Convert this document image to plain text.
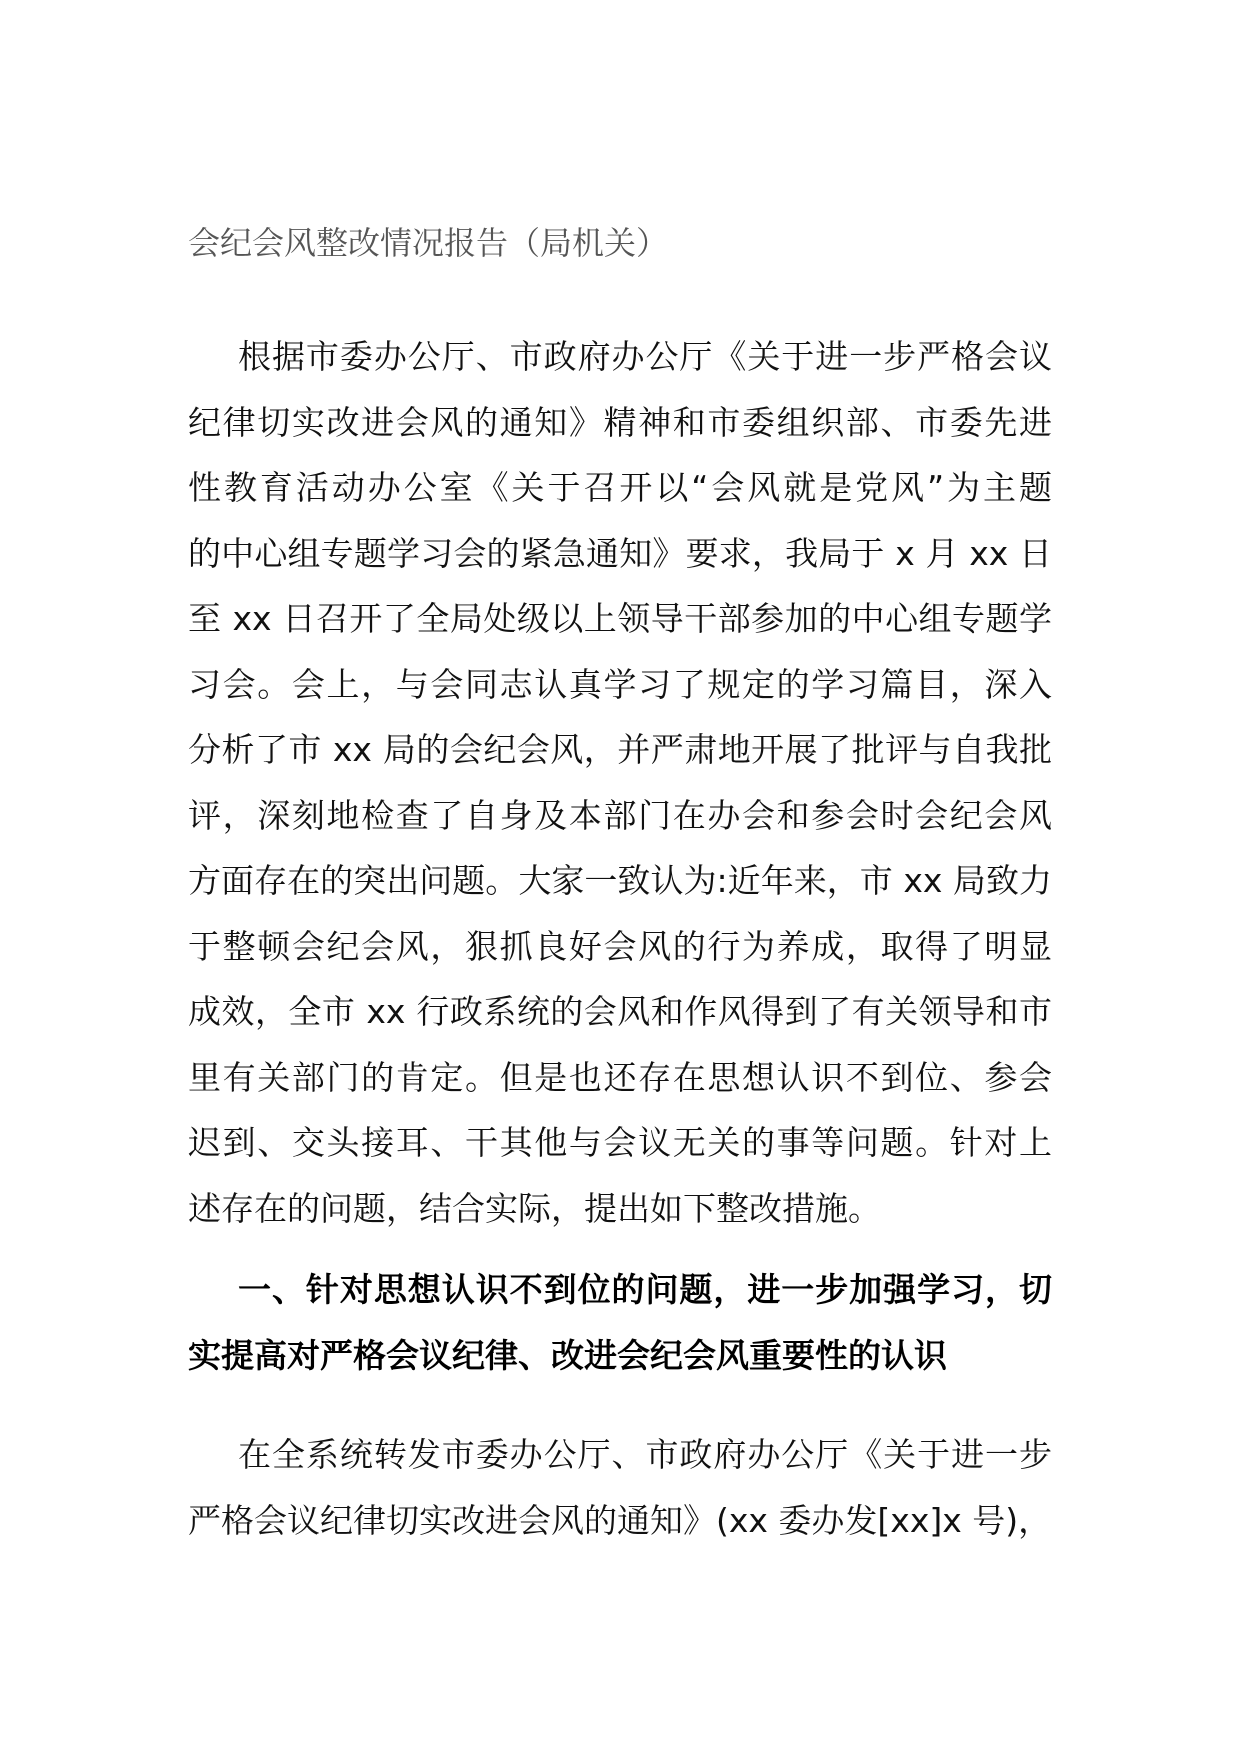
会纪会风整改情况报告（局机关）
根据市委办公厅、市政府办公厅《关于进一步严格会议
纪律切实改进会风的通知》精神和市委组织部、市委先进
性教育活动办公室《关于召开以“会风就是党风”为主题
的中心组专题学习会的紧急通知》要求，我局于 x 月 xx 日
至 xx 日召开了全局处级以上领导干部参加的中心组专题学
习会。会上，与会同志认真学习了规定的学习篇目，深入
分析了市 xx 局的会纪会风，并严肃地开展了批评与自我批
评，深刻地检查了自身及本部门在办会和参会时会纪会风
方面存在的突出问题。大家一致认为:近年来，市 xx 局致力
于整顿会纪会风，狠抓良好会风的行为养成，取得了明显
成效，全市 xx 行政系统的会风和作风得到了有关领导和市
里有关部门的肯定。但是也还存在思想认识不到位、参会
迟到、交头接耳、干其他与会议无关的事等问题。针对上
述存在的问题，结合实际，提出如下整改措施。
一、针对思想认识不到位的问题，进一步加强学习，切
实提高对严格会议纪律、改进会纪会风重要性的认识
在全系统转发市委办公厅、市政府办公厅《关于进一步
严格会议纪律切实改进会风的通知》(xx 委办发[xx]x 号)，
